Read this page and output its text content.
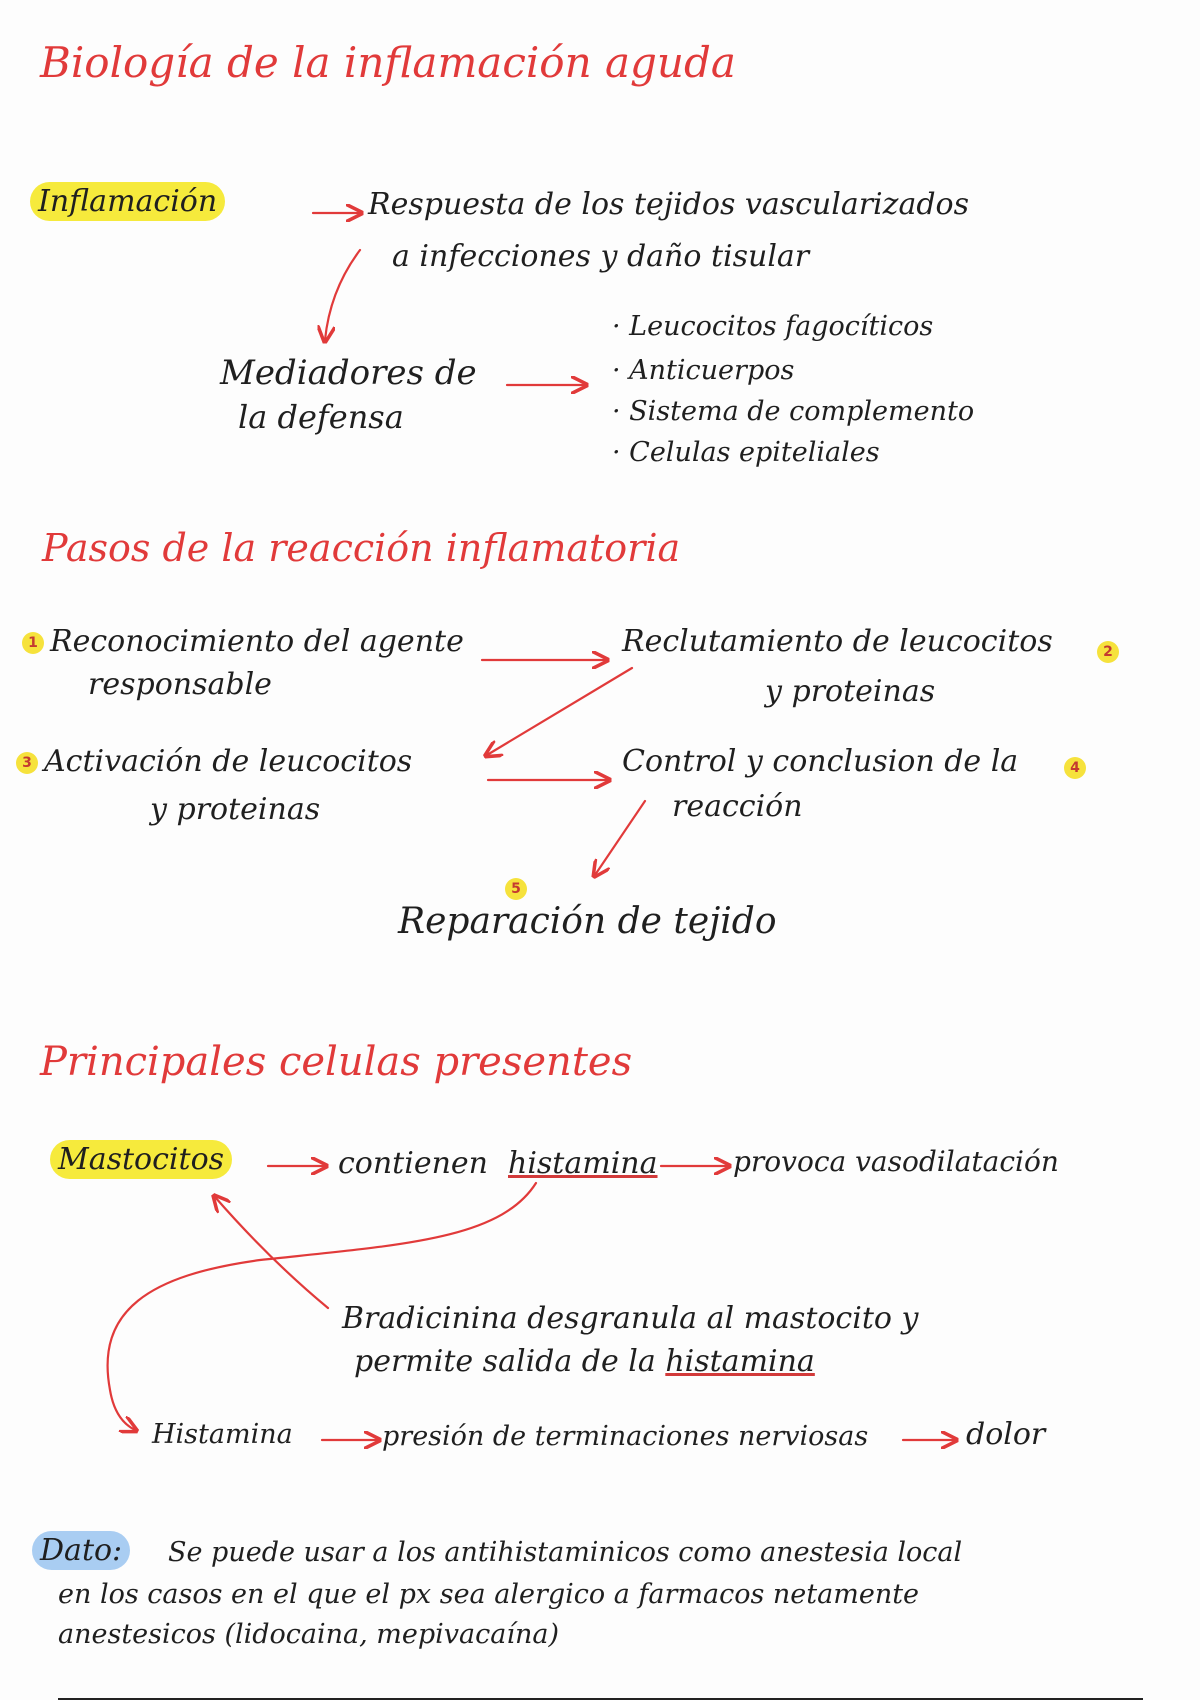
Biología de la inflamación aguda
Inflamación	Respuesta de los tejidos vascularizados
a infecciones y daño tisular
Mediadores de
la defensa
· Leucocitos fagocíticos
· Anticuerpos
· Sistema de complemento
· Celulas epiteliales
Pasos de la reacción inflamatoria
1 Reconocimiento del agente
responsable
Reclutamiento de leucocitos	2
y proteinas
3 Activación de leucocitos
y proteinas
Control y conclusion de la	4
reacción
5
Reparación de tejido
Principales celulas presentes
Mastocitos	contienen histamina	provoca vasodilatación
Bradicinina desgranula al mastocito y
permite salida de la histamina
Histamina	presión de terminaciones nerviosas	dolor
Dato: Se puede usar a los antihistaminicos como anestesia local
en los casos en el que el px sea alergico a farmacos netamente
anestesicos (lidocaina, mepivacaína)
